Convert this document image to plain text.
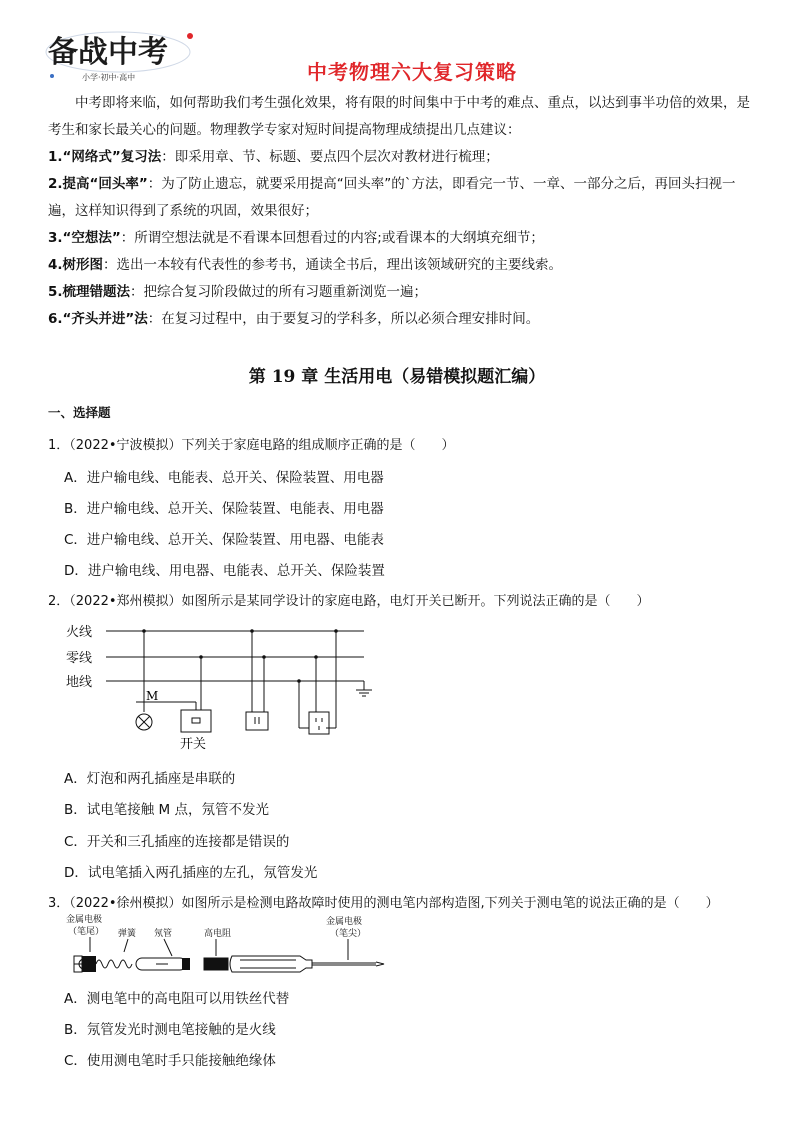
备战中考
小学·初中·高中	中考物理六大复习策略

中考即将来临，如何帮助我们考生强化效果，将有限的时间集中于中考的难点、重点，以达到事半功倍的效果，是考生和家长最关心的问题。物理教学专家对短时间提高物理成绩提出几点建议：

1.“网络式”复习法：即采用章、节、标题、要点四个层次对教材进行梳理；

2.提高“回头率”：为了防止遗忘，就要采用提高“回头率”的`方法，即看完一节、一章、一部分之后，再回头扫视一遍，这样知识得到了系统的巩固，效果很好；

3.“空想法”：所谓空想法就是不看课本回想看过的内容;或看课本的大纲填充细节；

4.树形图：选出一本较有代表性的参考书，通读全书后，理出该领域研究的主要线索。

5.梳理错题法：把综合复习阶段做过的所有习题重新浏览一遍；

6.“齐头并进”法：在复习过程中，由于要复习的学科多，所以必须合理安排时间。

第 19 章 生活用电（易错模拟题汇编）
一、选择题
1．（2022•宁波模拟）下列关于家庭电路的组成顺序正确的是（　　）
A．进户输电线、电能表、总开关、保险装置、用电器
B．进户输电线、总开关、保险装置、电能表、用电器
C．进户输电线、总开关、保险装置、用电器、电能表
D．进户输电线、用电器、电能表、总开关、保险装置
2．（2022•郑州模拟）如图所示是某同学设计的家庭电路，电灯开关已断开。下列说法正确的是（　　）
火线
零线
地线
M
开关
A．灯泡和两孔插座是串联的
B．试电笔接触 M 点，氖管不发光
C．开关和三孔插座的连接都是错误的
D．试电笔插入两孔插座的左孔，氖管发光
3．（2022•徐州模拟）如图所示是检测电路故障时使用的测电笔内部构造图,下列关于测电笔的说法正确的是（　　）
金属电极
（笔尾） 弹簧 氖管	高电阻
金属电极
（笔尖）
A．测电笔中的高电阻可以用铁丝代替
B．氖管发光时测电笔接触的是火线
C．使用测电笔时手只能接触绝缘体
